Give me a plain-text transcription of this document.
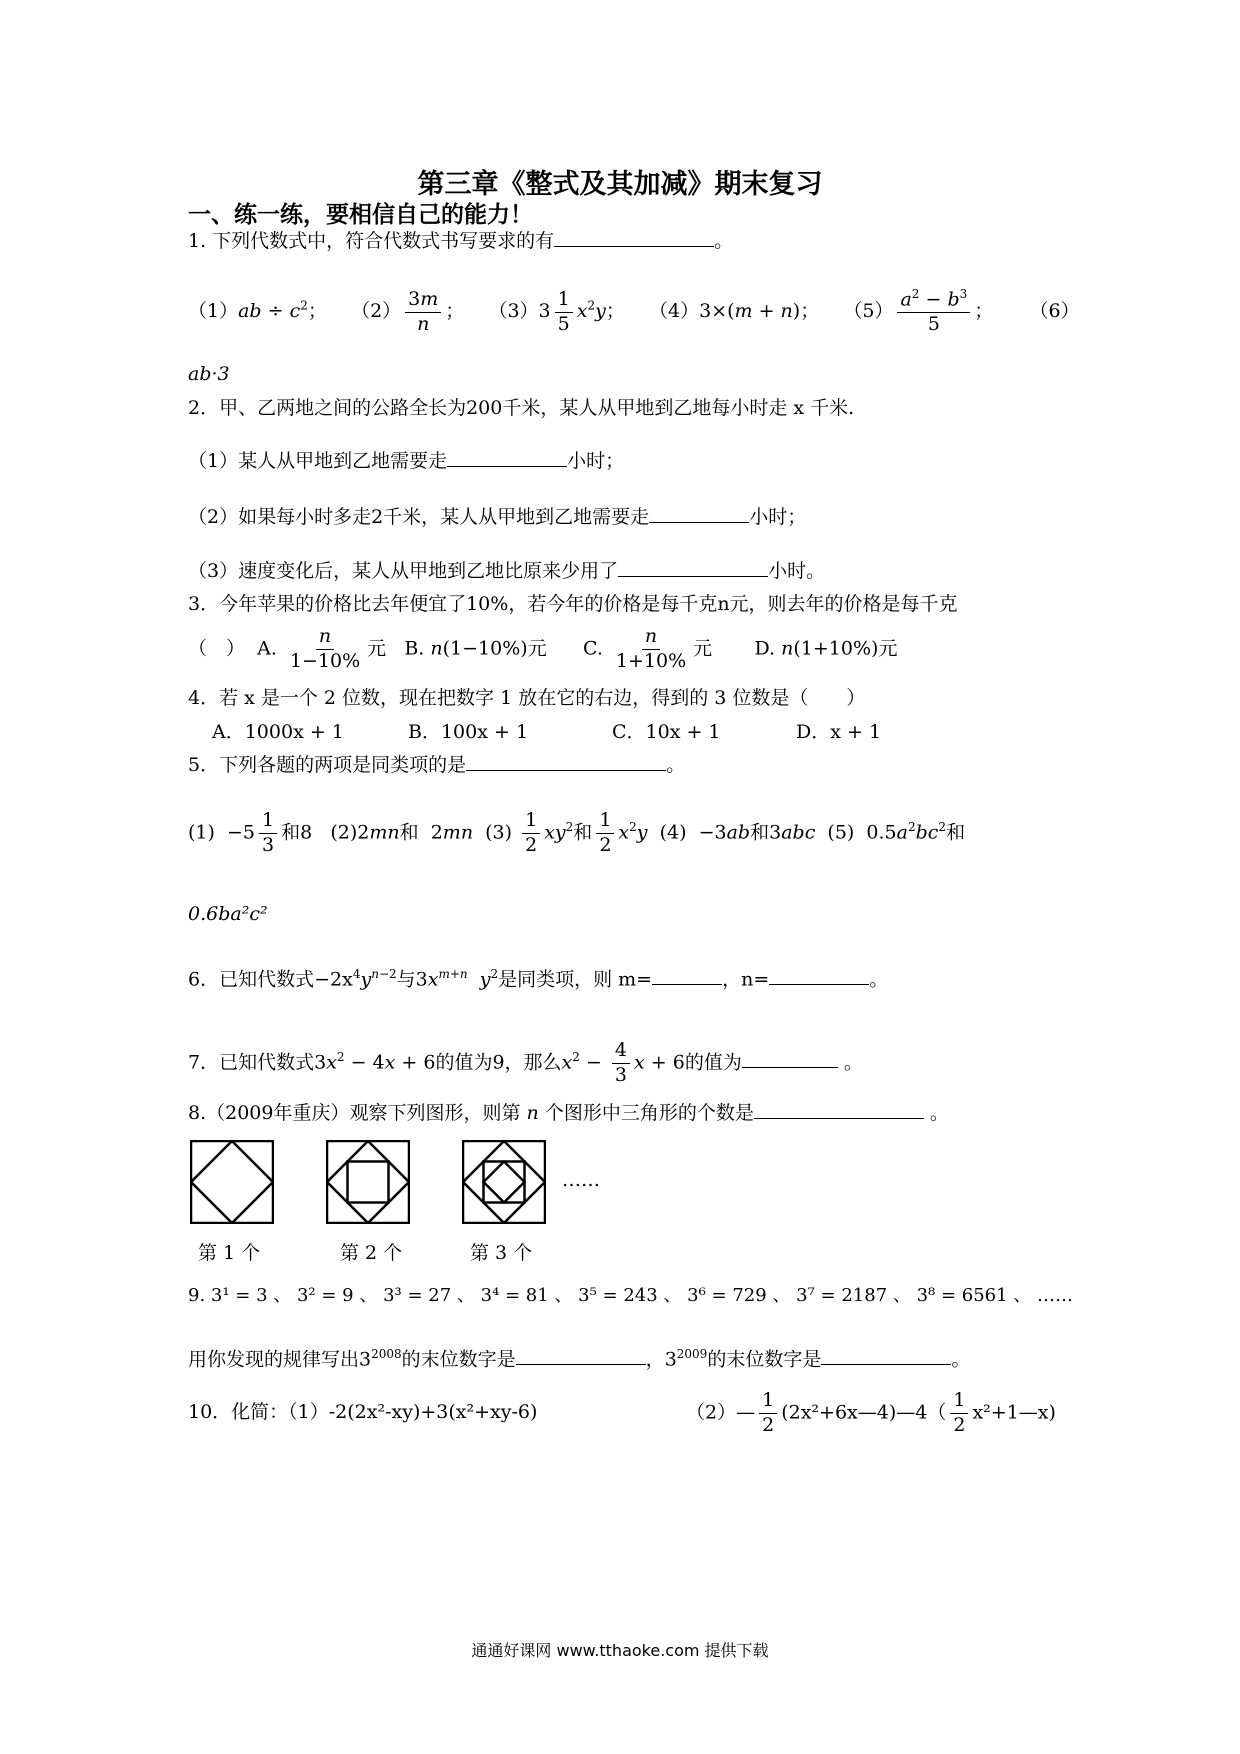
第三章《整式及其加减》期末复习
一、练一练，要相信自己的能力！
1. 下列代数式中，符合代数式书写要求的有	。
$(1)ab \div c^2$；    $(2) \frac{3m}{n}$ ；    $(3)3 \frac{1}{5} x^2y$；    （4）3×(m + n)；    $(5) \frac{a^2 - b^3}{5}$ ；      （6）
ab·3
2．甲、乙两地之间的公路全长为200千米，某人从甲地到乙地每小时走 x 千米.
（1）某人从甲地到乙地需要走	小时；
（2）如果每小时多走2千米，某人从甲地到乙地需要走	小时；
（3）速度变化后，某人从甲地到乙地比原来少用了	小时。
3．今年苹果的价格比去年便宜了10%，若今年的价格是每千克n元，则去年的价格是每千克
（　） A. $\frac{n}{1-10\%}$ 元 B. n(1−10%)元 C. $\frac{n}{1+10\%}$ 元 D. n(1+10%)元
4．若 x 是一个 2 位数，现在把数字 1 放在它的右边，得到的 3 位数是（　　）
A．1000x + 1	B．100x + 1	C．10x + 1	D．x + 1
5．下列各题的两项是同类项的是	。
$(1) -5 \frac{1}{3}$ 和8   (2)2mn和  2mn  $(3) \frac{1}{2} xy^2$和 $\frac{1}{2} x^2y$  (4)  −3ab和3abc  (5)  $0.5a^2bc^2$和
0.6ba²c²
6．已知代数式$-2x^4y^{n-2}$与$3x^{m+n}$ $y^2$是同类项，则 m=	，n=	。
7．已知代数式$3x^2 - 4x + 6$的值为9，那么$x^2 - \frac{4}{3}$ x + 6的值为	。
8.（2009年重庆）观察下列图形，则第 n 个图形中三角形的个数是	。
……
第 1 个	第 2 个	第 3 个
9. 3¹ = 3 、 3² = 9 、 3³ = 27 、 3⁴ = 81 、 3⁵ = 243 、 3⁶ = 729 、 3⁷ = 2187 、 3⁸ = 6561 、 ……
用你发现的规律写出$3^{2008}$的末位数字是	，$3^{2009}$的末位数字是	。
10．化简：（1）-2(2x²-xy)+3(x²+xy-6)	（2）— $\frac{1}{2}$ (2x²+6x—4)—4（ $\frac{1}{2}$ x²+1—x)
通通好课网 www.tthaoke.com 提供下载
